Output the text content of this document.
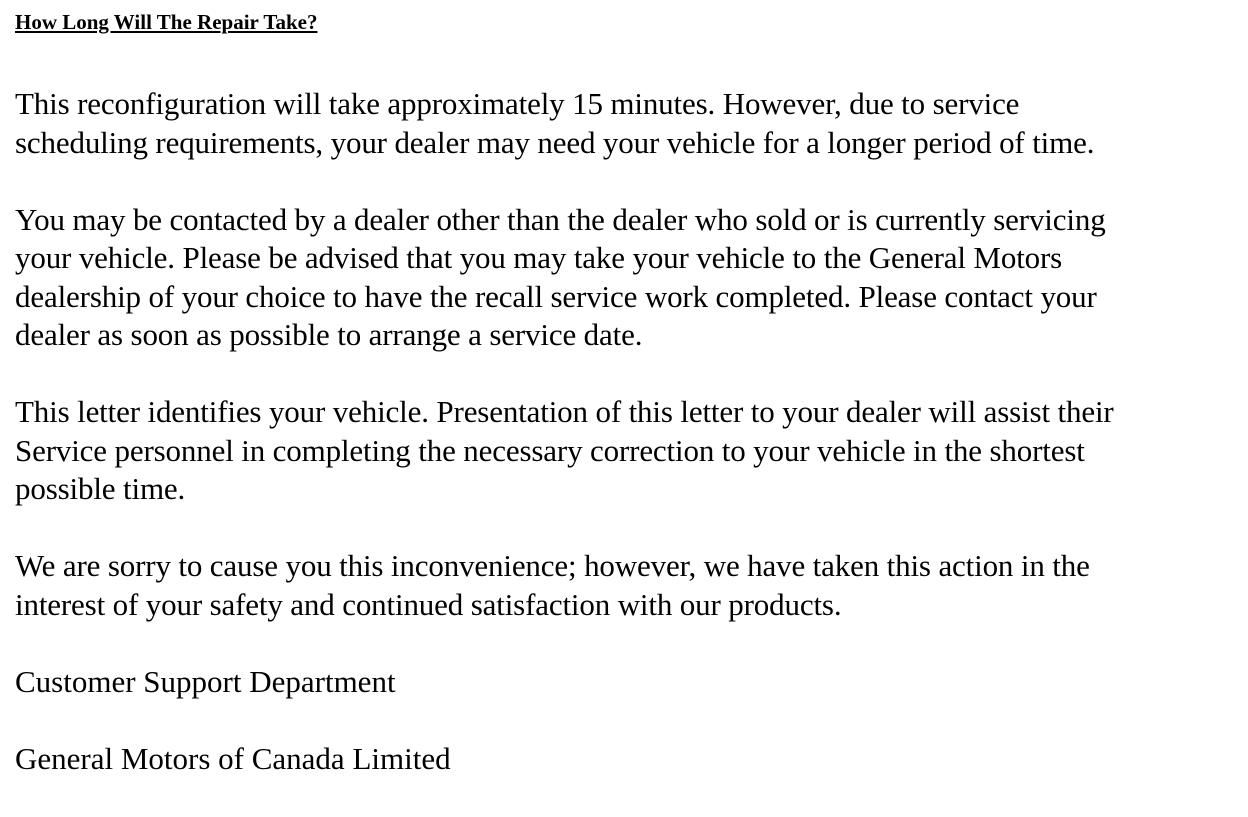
How Long Will The Repair Take?
This reconfiguration will take approximately 15 minutes. However, due to service
scheduling requirements, your dealer may need your vehicle for a longer period of time.
You may be contacted by a dealer other than the dealer who sold or is currently servicing
your vehicle. Please be advised that you may take your vehicle to the General Motors
dealership of your choice to have the recall service work completed. Please contact your
dealer as soon as possible to arrange a service date.
This letter identifies your vehicle. Presentation of this letter to your dealer will assist their
Service personnel in completing the necessary correction to your vehicle in the shortest
possible time.
We are sorry to cause you this inconvenience; however, we have taken this action in the
interest of your safety and continued satisfaction with our products.
Customer Support Department
General Motors of Canada Limited
